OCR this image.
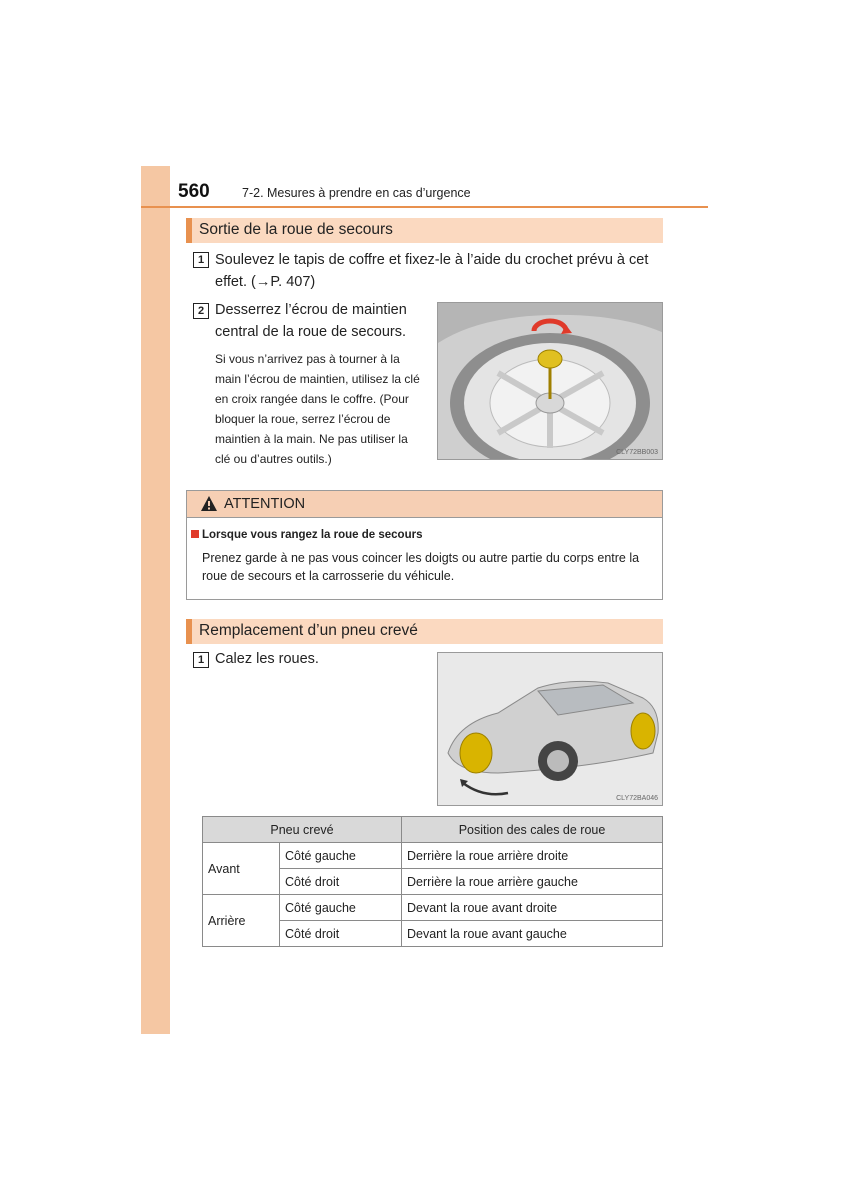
560	7-2. Mesures à prendre en cas d’urgence
Sortie de la roue de secours
1 Soulevez le tapis de coffre et fixez-le à l’aide du crochet prévu à cet
effet. (→P. 407)
2 Desserrez l’écrou de maintien
central de la roue de secours.
Si vous n’arrivez pas à tourner à la
main l’écrou de maintien, utilisez la clé
en croix rangée dans le coffre. (Pour
bloquer la roue, serrez l’écrou de
maintien à la main. Ne pas utiliser la
clé ou d’autres outils.)	CLY72BB003
ATTENTION
Lorsque vous rangez la roue de secours
Prenez garde à ne pas vous coincer les doigts ou autre partie du corps entre la roue de secours et la carrosserie du véhicule.
Remplacement d’un pneu crevé
1 Calez les roues.
CLY72BA046
Pneu crevé		Position des cales de roue
Avant	Côté gauche	Derrière la roue arrière droite
	Côté droit	Derrière la roue arrière gauche
Arrière	Côté gauche	Devant la roue avant droite
	Côté droit	Devant la roue avant gauche
